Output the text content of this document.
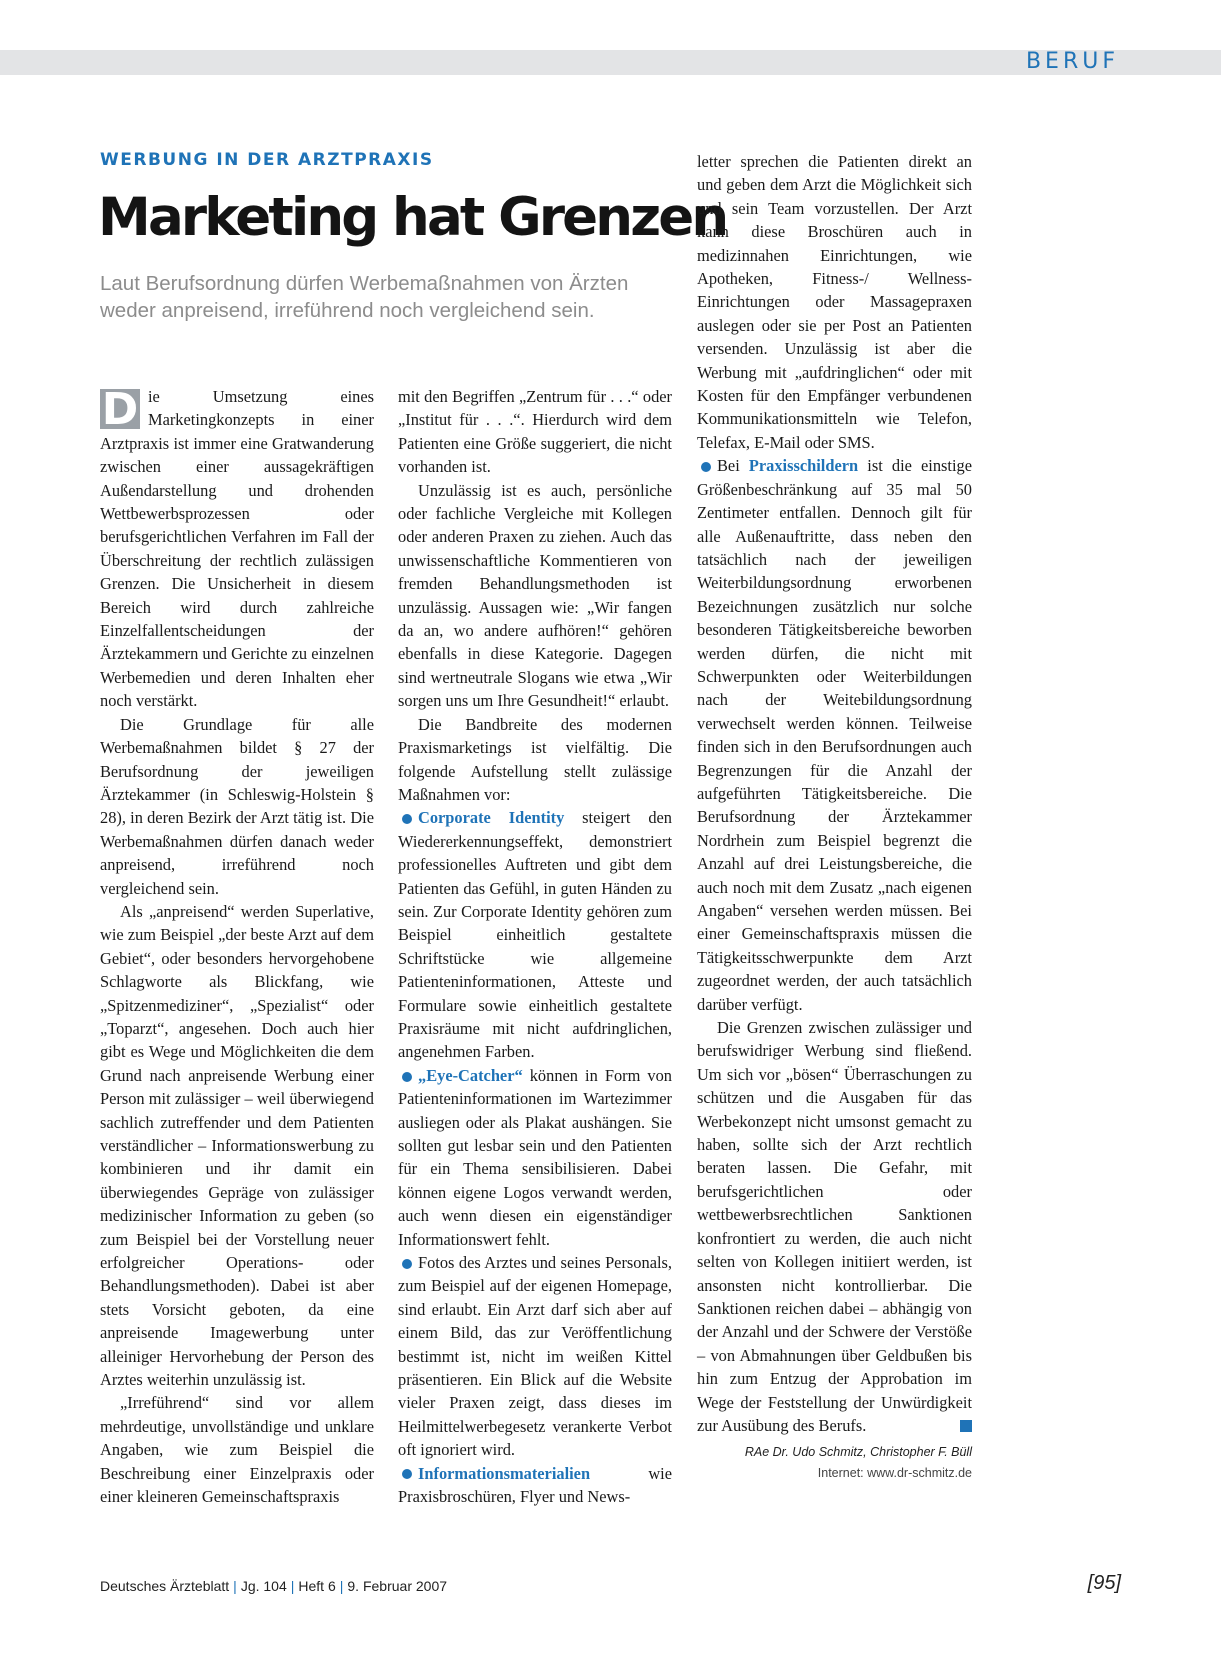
BERUF
WERBUNG IN DER ARZTPRAXIS
Marketing hat Grenzen

Laut Berufsordnung dürfen Werbemaßnahmen von Ärzten weder anpreisend, irreführend noch vergleichend sein.

D ie Umsetzung eines Marketingkonzepts in einer Arztpraxis ist immer eine Gratwanderung zwischen einer aussagekräftigen Außendarstellung und drohenden Wettbewerbsprozessen oder berufsgerichtlichen Verfahren im Fall der Überschreitung der rechtlich zulässigen Grenzen. Die Unsicherheit in diesem Bereich wird durch zahlreiche Einzelfallentscheidungen der Ärztekammern und Gerichte zu einzelnen Werbemedien und deren Inhalten eher noch verstärkt.

Die Grundlage für alle Werbemaßnahmen bildet § 27 der Berufsordnung der jeweiligen Ärztekammer (in Schleswig-Holstein § 28), in deren Bezirk der Arzt tätig ist. Die Werbemaßnahmen dürfen danach weder anpreisend, irreführend noch vergleichend sein.

Als „anpreisend“ werden Superlative, wie zum Beispiel „der beste Arzt auf dem Gebiet“, oder besonders hervorgehobene Schlagworte als Blickfang, wie „Spitzenmediziner“, „Spezialist“ oder „Toparzt“, angesehen. Doch auch hier gibt es Wege und Möglichkeiten die dem Grund nach anpreisende Werbung einer Person mit zulässiger – weil überwiegend sachlich zutreffender und dem Patienten verständlicher – Informationswerbung zu kombinieren und ihr damit ein überwiegendes Gepräge von zulässiger medizinischer Information zu geben (so zum Beispiel bei der Vorstellung neuer erfolgreicher Operations- oder Behandlungsmethoden). Dabei ist aber stets Vorsicht geboten, da eine anpreisende Imagewerbung unter alleiniger Hervorhebung der Person des Arztes weiterhin unzulässig ist.

„Irreführend“ sind vor allem mehrdeutige, unvollständige und unklare Angaben, wie zum Beispiel die Beschreibung einer Einzelpraxis oder einer kleineren Gemeinschaftspraxis

mit den Begriffen „Zentrum für . . .“ oder „Institut für . . .“. Hierdurch wird dem Patienten eine Größe suggeriert, die nicht vorhanden ist.

Unzulässig ist es auch, persönliche oder fachliche Vergleiche mit Kollegen oder anderen Praxen zu ziehen. Auch das unwissenschaftliche Kommentieren von fremden Behandlungsmethoden ist unzulässig. Aussagen wie: „Wir fangen da an, wo andere aufhören!“ gehören ebenfalls in diese Kategorie. Dagegen sind wertneutrale Slogans wie etwa „Wir sorgen uns um Ihre Gesundheit!“ erlaubt.

Die Bandbreite des modernen Praxismarketings ist vielfältig. Die folgende Aufstellung stellt zulässige Maßnahmen vor:

Corporate Identity steigert den Wiedererkennungseffekt, demonstriert professionelles Auftreten und gibt dem Patienten das Gefühl, in guten Händen zu sein. Zur Corporate Identity gehören zum Beispiel einheitlich gestaltete Schriftstücke wie allgemeine Patienteninformationen, Atteste und Formulare sowie einheitlich gestaltete Praxisräume mit nicht aufdringlichen, angenehmen Farben.

„Eye-Catcher“ können in Form von Patienteninformationen im Wartezimmer ausliegen oder als Plakat aushängen. Sie sollten gut lesbar sein und den Patienten für ein Thema sensibilisieren. Dabei können eigene Logos verwandt werden, auch wenn diesen ein eigenständiger Informationswert fehlt.

Fotos des Arztes und seines Personals, zum Beispiel auf der eigenen Homepage, sind erlaubt. Ein Arzt darf sich aber auf einem Bild, das zur Veröffentlichung bestimmt ist, nicht im weißen Kittel präsentieren. Ein Blick auf die Website vieler Praxen zeigt, dass dieses im Heilmittelwerbegesetz verankerte Verbot oft ignoriert wird.

Informationsmaterialien wie Praxisbroschüren, Flyer und News-

letter sprechen die Patienten direkt an und geben dem Arzt die Möglichkeit sich und sein Team vorzustellen. Der Arzt kann diese Broschüren auch in medizinnahen Einrichtungen, wie Apotheken, Fitness-/ Wellness-Einrichtungen oder Massagepraxen auslegen oder sie per Post an Patienten versenden. Unzulässig ist aber die Werbung mit „aufdringlichen“ oder mit Kosten für den Empfänger verbundenen Kommunikationsmitteln wie Telefon, Telefax, E-Mail oder SMS.

Bei Praxisschildern ist die einstige Größenbeschränkung auf 35 mal 50 Zentimeter entfallen. Dennoch gilt für alle Außenauftritte, dass neben den tatsächlich nach der jeweiligen Weiterbildungsordnung erworbenen Bezeichnungen zusätzlich nur solche besonderen Tätigkeitsbereiche beworben werden dürfen, die nicht mit Schwerpunkten oder Weiterbildungen nach der Weitebildungsordnung verwechselt werden können. Teilweise finden sich in den Berufsordnungen auch Begrenzungen für die Anzahl der aufgeführten Tätigkeitsbereiche. Die Berufsordnung der Ärztekammer Nordrhein zum Beispiel begrenzt die Anzahl auf drei Leistungsbereiche, die auch noch mit dem Zusatz „nach eigenen Angaben“ versehen werden müssen. Bei einer Gemeinschaftspraxis müssen die Tätigkeitsschwerpunkte dem Arzt zugeordnet werden, der auch tatsächlich darüber verfügt.

Die Grenzen zwischen zulässiger und berufswidriger Werbung sind fließend. Um sich vor „bösen“ Überraschungen zu schützen und die Ausgaben für das Werbekonzept nicht umsonst gemacht zu haben, sollte sich der Arzt rechtlich beraten lassen. Die Gefahr, mit berufsgerichtlichen oder wettbewerbsrechtlichen Sanktionen konfrontiert zu werden, die auch nicht selten von Kollegen initiiert werden, ist ansonsten nicht kontrollierbar. Die Sanktionen reichen dabei – abhängig von der Anzahl und der Schwere der Verstöße – von Abmahnungen über Geldbußen bis hin zum Entzug der Approbation im Wege der Feststellung der Unwürdigkeit zur Ausübung des Berufs.

RAe Dr. Udo Schmitz, Christopher F. Büll
Internet: www.dr-schmitz.de
Deutsches Ärzteblatt | Jg. 104 | Heft 6 | 9. Februar 2007	[95]
